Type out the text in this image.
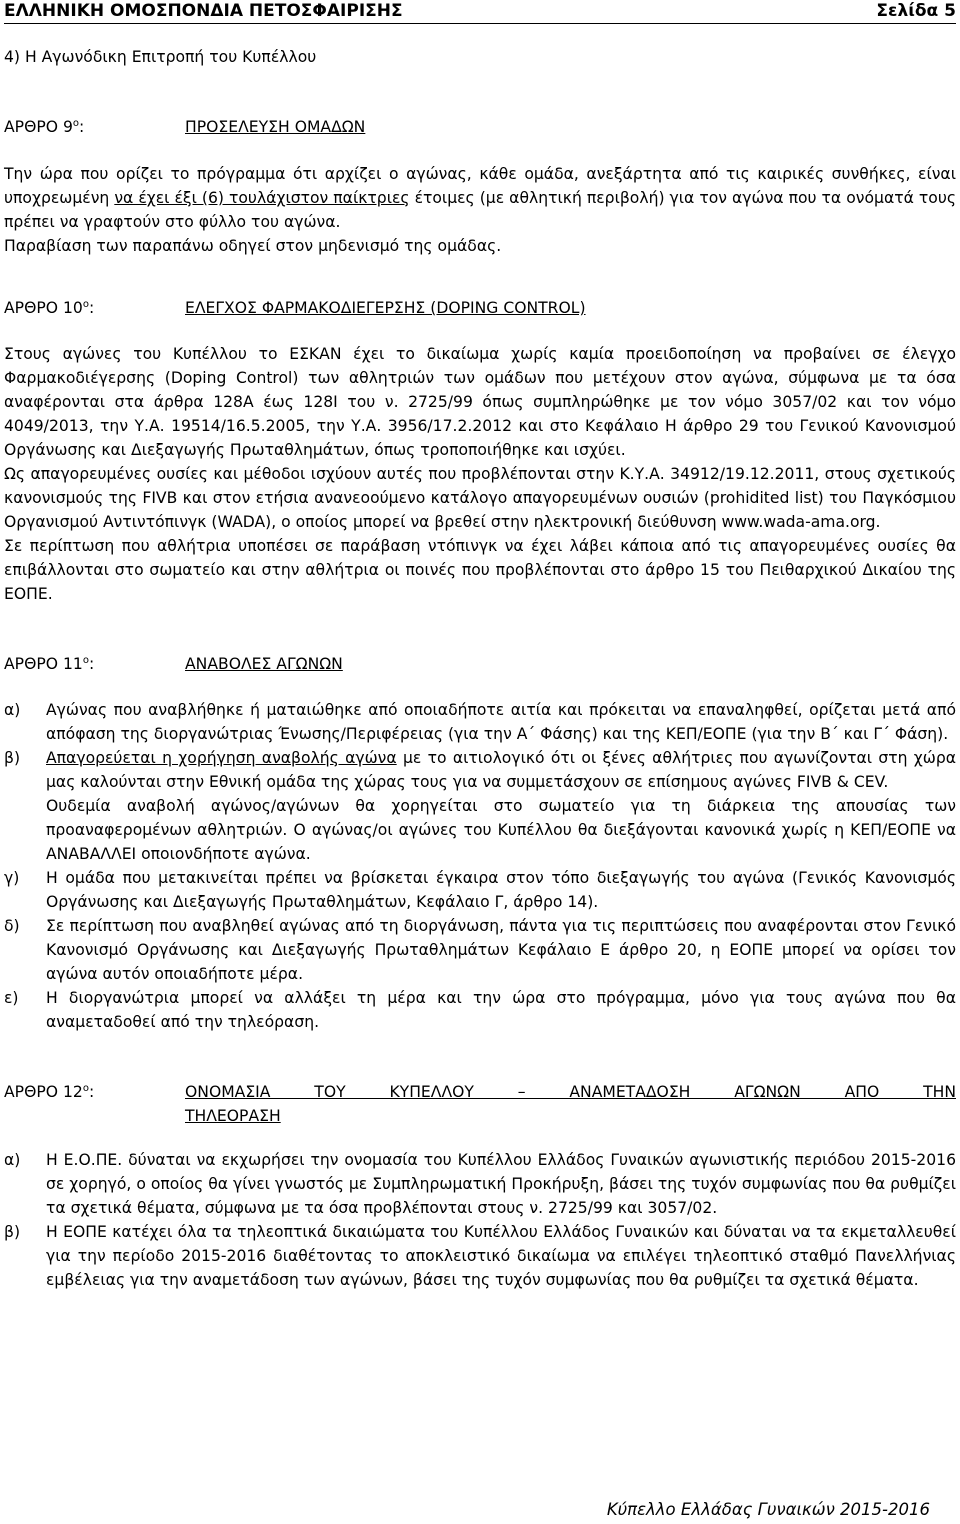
ΕΛΛΗΝΙΚΗ ΟΜΟΣΠΟΝΔΙΑ ΠΕΤΟΣΦΑΙΡΙΣΗΣ	Σελίδα 5

4) Η Αγωνόδικη Επιτροπή του Κυπέλλου

ΑΡΘΡΟ $9^o$:	ΠΡΟΣΕΛΕΥΣΗ ΟΜΑΔΩΝ

Την ώρα που ορίζει το πρόγραμμα ότι αρχίζει ο αγώνας, κάθε ομάδα, ανεξάρτητα από τις καιρικές συνθήκες, είναι υποχρεωμένη να έχει έξι (6) τουλάχιστον παίκτριες έτοιμες (με αθλητική περιβολή) για τον αγώνα που τα ονόματά τους πρέπει να γραφτούν στο φύλλο του αγώνα.

Παραβίαση των παραπάνω οδηγεί στον μηδενισμό της ομάδας.

ΑΡΘΡΟ $10^o$:	ΕΛΕΓΧΟΣ ΦΑΡΜΑΚΟΔΙΕΓΕΡΣΗΣ (DOPING CONTROL)

Στους αγώνες του Κυπέλλου το ΕΣΚΑΝ έχει το δικαίωμα χωρίς καμία προειδοποίηση να προβαίνει σε έλεγχο Φαρμακοδιέγερσης (Doping Control) των αθλητριών των ομάδων που μετέχουν στον αγώνα, σύμφωνα με τα όσα αναφέρονται στα άρθρα 128Α έως 128Ι του ν. 2725/99 όπως συμπληρώθηκε με τον νόμο 3057/02 και τον νόμο 4049/2013, την Υ.Α. 19514/16.5.2005, την Υ.Α. 3956/17.2.2012 και στο Κεφάλαιο Η άρθρο 29 του Γενικού Κανονισμού Οργάνωσης και Διεξαγωγής Πρωταθλημάτων, όπως τροποποιήθηκε και ισχύει.

Ως απαγορευμένες ουσίες και μέθοδοι ισχύουν αυτές που προβλέπονται στην Κ.Υ.Α. 34912/19.12.2011, στους σχετικούς κανονισμούς της FIVB και στον ετήσια ανανεοούμενο κατάλογο απαγορευμένων ουσιών (prohidited list) του Παγκόσμιου Οργανισμού Αντιντόπινγκ (WADA), ο οποίος μπορεί να βρεθεί στην ηλεκτρονική διεύθυνση www.wada-ama.org.

Σε περίπτωση που αθλήτρια υποπέσει σε παράβαση ντόπινγκ να έχει λάβει κάποια από τις απαγορευμένες ουσίες θα επιβάλλονται στο σωματείο και στην αθλήτρια οι ποινές που προβλέπονται στο άρθρο 15 του Πειθαρχικού Δικαίου της ΕΟΠΕ.

ΑΡΘΡΟ $11^o$:	ΑΝΑΒΟΛΕΣ ΑΓΩΝΩΝ
α)	Αγώνας που αναβλήθηκε ή ματαιώθηκε από οποιαδήποτε αιτία και πρόκειται να επαναληφθεί, ορίζεται μετά από απόφαση της διοργανώτριας Ένωσης/Περιφέρειας (για την Α΄ Φάσης) και της ΚΕΠ/ΕΟΠΕ (για την Β΄ και Γ΄ Φάση).
β)	Απαγορεύεται η χορήγηση αναβολής αγώνα με το αιτιολογικό ότι οι ξένες αθλήτριες που αγωνίζονται στη χώρα μας καλούνται στην Εθνική ομάδα της χώρας τους για να συμμετάσχουν σε επίσημους αγώνες FIVB & CEV.
Ουδεμία αναβολή αγώνος/αγώνων θα χορηγείται στο σωματείο για τη διάρκεια της απουσίας των προαναφερομένων αθλητριών. Ο αγώνας/οι αγώνες του Κυπέλλου θα διεξάγονται κανονικά χωρίς η ΚΕΠ/ΕΟΠΕ να ΑΝΑΒΑΛΛΕΙ οποιονδήποτε αγώνα.
γ)	Η ομάδα που μετακινείται πρέπει να βρίσκεται έγκαιρα στον τόπο διεξαγωγής του αγώνα (Γενικός Κανονισμός Οργάνωσης και Διεξαγωγής Πρωταθλημάτων, Κεφάλαιο Γ, άρθρο 14).
δ)	Σε περίπτωση που αναβληθεί αγώνας από τη διοργάνωση, πάντα για τις περιπτώσεις που αναφέρονται στον Γενικό Κανονισμό Οργάνωσης και Διεξαγωγής Πρωταθλημάτων Κεφάλαιο Ε άρθρο 20, η ΕΟΠΕ μπορεί να ορίσει τον αγώνα αυτόν οποιαδήποτε μέρα.
ε)	Η διοργανώτρια μπορεί να αλλάξει τη μέρα και την ώρα στο πρόγραμμα, μόνο για τους αγώνα που θα αναμεταδοθεί από την τηλεόραση.
ΑΡΘΡΟ $12^o$:	ΟΝΟΜΑΣΙΑ ΤΟΥ ΚΥΠΕΛΛΟΥ – ΑΝΑΜΕΤΑΔΟΣΗ ΑΓΩΝΩΝ ΑΠΟ ΤΗΝ
ΤΗΛΕΟΡΑΣΗ
α)	Η Ε.Ο.ΠΕ. δύναται να εκχωρήσει την ονομασία του Κυπέλλου Ελλάδος Γυναικών αγωνιστικής περιόδου 2015-2016 σε χορηγό, ο οποίος θα γίνει γνωστός με Συμπληρωματική Προκήρυξη, βάσει της τυχόν συμφωνίας που θα ρυθμίζει τα σχετικά θέματα, σύμφωνα με τα όσα προβλέπονται στους ν. 2725/99 και 3057/02.
β)	Η ΕΟΠΕ κατέχει όλα τα τηλεοπτικά δικαιώματα του Κυπέλλου Ελλάδος Γυναικών και δύναται να τα εκμεταλλευθεί για την περίοδο 2015-2016 διαθέτοντας το αποκλειστικό δικαίωμα να επιλέγει τηλεοπτικό σταθμό Πανελλήνιας εμβέλειας για την αναμετάδοση των αγώνων, βάσει της τυχόν συμφωνίας που θα ρυθμίζει τα σχετικά θέματα.
Κύπελλο Ελλάδας Γυναικών 2015-2016
